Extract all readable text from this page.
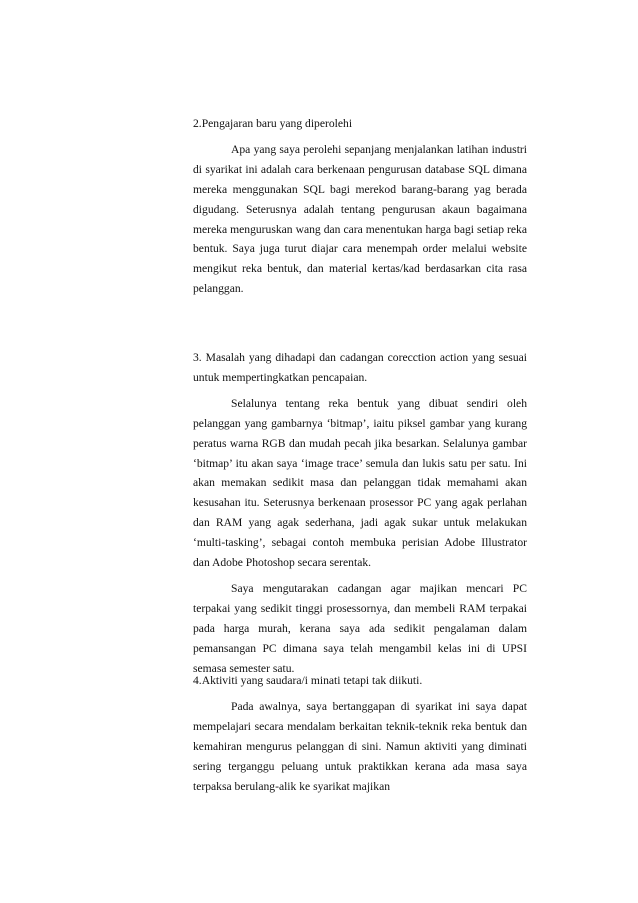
2.Pengajaran baru yang diperolehi

Apa yang saya perolehi sepanjang menjalankan latihan industri di syarikat ini adalah cara berkenaan pengurusan database SQL dimana mereka menggunakan SQL bagi merekod barang-barang yag berada digudang. Seterusnya adalah tentang pengurusan akaun bagaimana mereka menguruskan wang dan cara menentukan harga bagi setiap reka bentuk. Saya juga turut diajar cara menempah order melalui website mengikut reka bentuk, dan material kertas/kad berdasarkan cita rasa pelanggan.

3. Masalah yang dihadapi dan cadangan corecction action yang sesuai untuk mempertingkatkan pencapaian.

Selalunya tentang reka bentuk yang dibuat sendiri oleh pelanggan yang gambarnya ‘bitmap’, iaitu piksel gambar yang kurang peratus warna RGB dan mudah pecah jika besarkan. Selalunya gambar ‘bitmap’ itu akan saya ‘image trace’ semula dan lukis satu per satu. Ini akan memakan sedikit masa dan pelanggan tidak memahami akan kesusahan itu. Seterusnya berkenaan prosessor PC yang agak perlahan dan RAM yang agak sederhana, jadi agak sukar untuk melakukan ‘multi-tasking’, sebagai contoh membuka perisian Adobe Illustrator dan Adobe Photoshop secara serentak.

Saya mengutarakan cadangan agar majikan mencari PC terpakai yang sedikit tinggi prosessornya, dan membeli RAM terpakai pada harga murah, kerana saya ada sedikit pengalaman dalam pemansangan PC dimana saya telah mengambil kelas ini di UPSI semasa semester satu.

4.Aktiviti yang saudara/i minati tetapi tak diikuti.

Pada awalnya, saya bertanggapan di syarikat ini saya dapat mempelajari secara mendalam berkaitan teknik-teknik reka bentuk dan kemahiran mengurus pelanggan di sini. Namun aktiviti yang diminati sering terganggu peluang untuk praktikkan kerana ada masa saya terpaksa berulang-alik ke syarikat majikan
